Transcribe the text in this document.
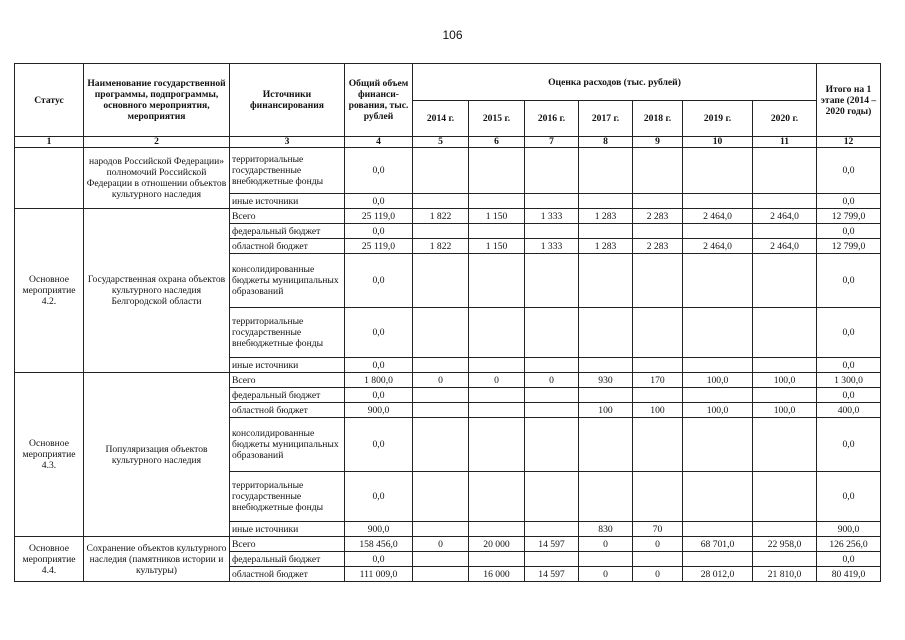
106
Статус	Наименование государственной программы, подпрограммы, основного мероприятия, мероприятия	Источники финансирования	Общий объем финанси-рования, тыс. рублей	Оценка расходов (тыс. рублей)							Итого на 1 этапе (2014 – 2020 годы)
				2014 г.	2015 г.	2016 г.	2017 г.	2018 г.	2019 г.	2020 г.	
1	2	3	4	5	6	7	8	9	10	11	12
	народов Российской Федерации» полномочий Российской Федерации в отношении объектов культурного наследия	территориальные государственные внебюджетные фонды	0,0								0,0
		иные источники	0,0								0,0
Основное мероприятие 4.2.	Государственная охрана объектов культурного наследия Белгородской области	Всего	25 119,0	1 822	1 150	1 333	1 283	2 283	2 464,0	2 464,0	12 799,0
		федеральный бюджет	0,0								0,0
		областной бюджет	25 119,0	1 822	1 150	1 333	1 283	2 283	2 464,0	2 464,0	12 799,0
		консолидированные бюджеты муниципальных образований	0,0								0,0
		территориальные государственные внебюджетные фонды	0,0								0,0
		иные источники	0,0								0,0
Основное мероприятие 4.3.	Популяризация объектов культурного наследия	Всего	1 800,0	0	0	0	930	170	100,0	100,0	1 300,0
		федеральный бюджет	0,0								0,0
		областной бюджет	900,0				100	100	100,0	100,0	400,0
		консолидированные бюджеты муниципальных образований	0,0								0,0
		территориальные государственные внебюджетные фонды	0,0								0,0
		иные источники	900,0				830	70			900,0
Основное мероприятие 4.4.	Сохранение объектов культурного наследия (памятников истории и культуры)	Всего	158 456,0	0	20 000	14 597	0	0	68 701,0	22 958,0	126 256,0
		федеральный бюджет	0,0								0,0
		областной бюджет	111 009,0		16 000	14 597	0	0	28 012,0	21 810,0	80 419,0
